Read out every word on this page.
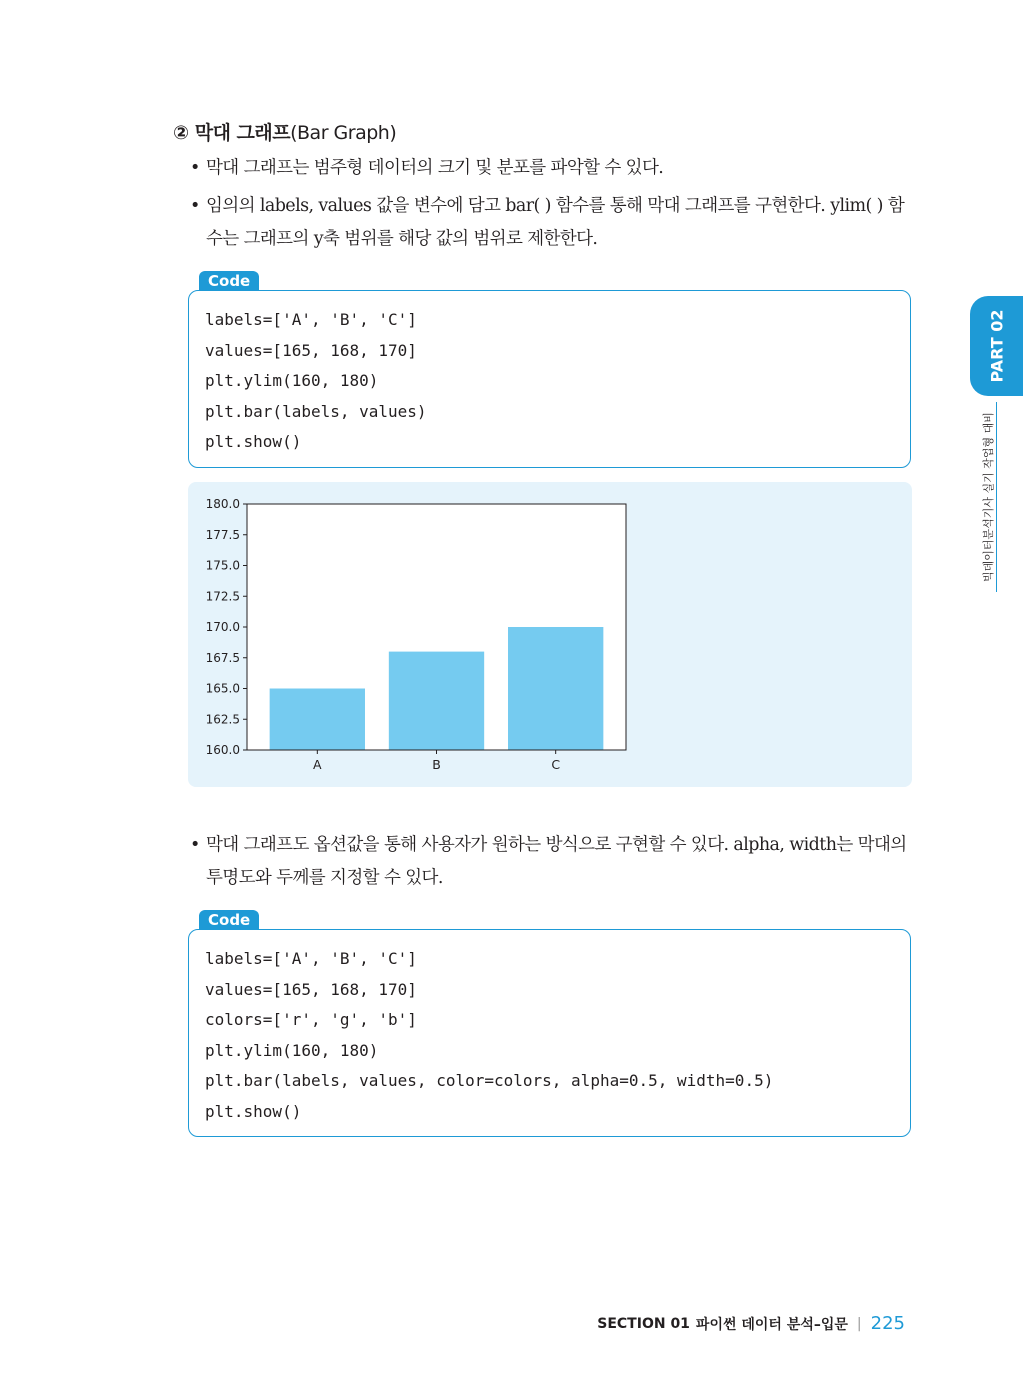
② 막대 그래프(Bar Graph)
• 막대 그래프는 범주형 데이터의 크기 및 분포를 파악할 수 있다.
• 임의의 labels, values 값을 변수에 담고 bar( ) 함수를 통해 막대 그래프를 구현한다. ylim( ) 함수는 그래프의 y축 범위를 해당 값의 범위로 제한한다.
Code
labels=['A', 'B', 'C']
values=[165, 168, 170]
plt.ylim(160, 180)
plt.bar(labels, values)
plt.show()
A	B	C
160.0
162.5
165.0
167.5
170.0
172.5
175.0
177.5
180.0
• 막대 그래프도 옵션값을 통해 사용자가 원하는 방식으로 구현할 수 있다. alpha, width는 막대의 투명도와 두께를 지정할 수 있다.
Code
labels=['A', 'B', 'C']
values=[165, 168, 170]
colors=['r', 'g', 'b']
plt.ylim(160, 180)
plt.bar(labels, values, color=colors, alpha=0.5, width=0.5)
plt.show()
PART 02
빅데이터분석기사 실기 작업형 대비
SECTION 01 파이썬 데이터 분석–입문 | 225
